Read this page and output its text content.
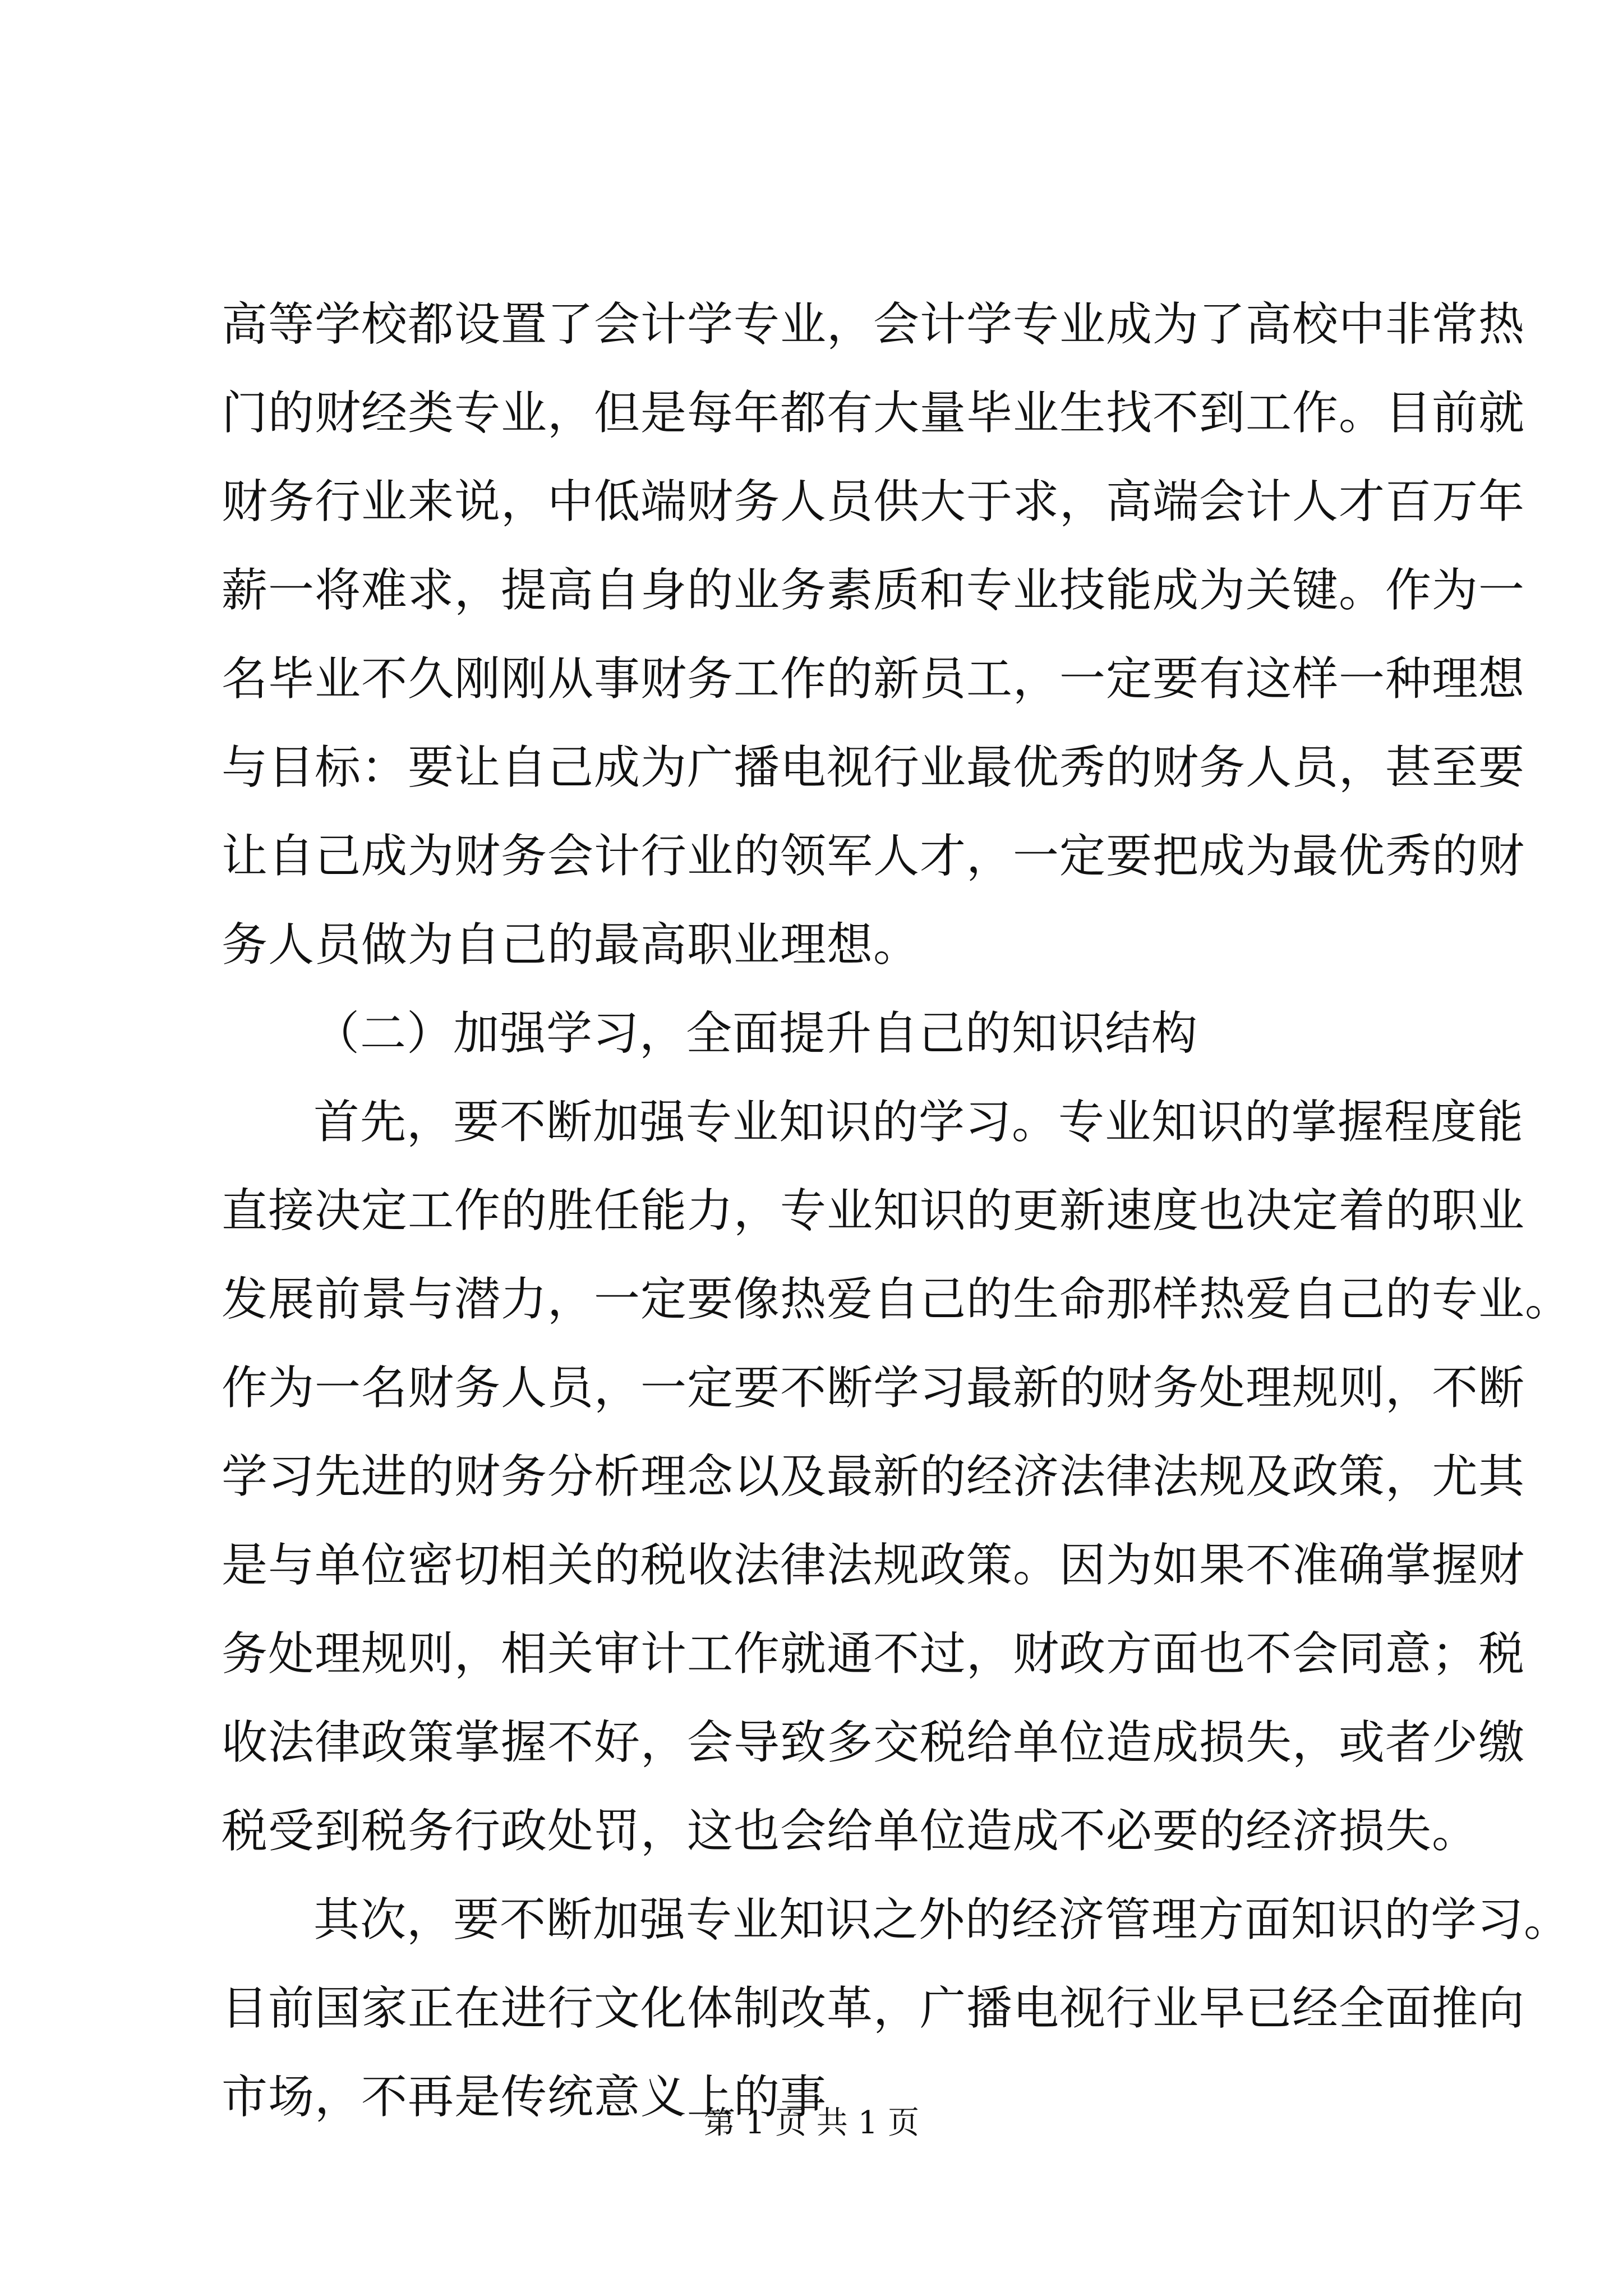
高等学校都设置了会计学专业，会计学专业成为了高校中非常热
门的财经类专业，但是每年都有大量毕业生找不到工作。目前就
财务行业来说，中低端财务人员供大于求，高端会计人才百万年
薪一将难求，提高自身的业务素质和专业技能成为关键。作为一
名毕业不久刚刚从事财务工作的新员工，一定要有这样一种理想
与目标：要让自己成为广播电视行业最优秀的财务人员，甚至要
让自己成为财务会计行业的领军人才，一定要把成为最优秀的财
务人员做为自己的最高职业理想。
（二）加强学习，全面提升自己的知识结构
首先，要不断加强专业知识的学习。专业知识的掌握程度能
直接决定工作的胜任能力，专业知识的更新速度也决定着的职业
发展前景与潜力，一定要像热爱自己的生命那样热爱自己的专业。
作为一名财务人员，一定要不断学习最新的财务处理规则，不断
学习先进的财务分析理念以及最新的经济法律法规及政策，尤其
是与单位密切相关的税收法律法规政策。因为如果不准确掌握财
务处理规则，相关审计工作就通不过，财政方面也不会同意；税
收法律政策掌握不好，会导致多交税给单位造成损失，或者少缴
税受到税务行政处罚，这也会给单位造成不必要的经济损失。
其次，要不断加强专业知识之外的经济管理方面知识的学习。
目前国家正在进行文化体制改革，广播电视行业早已经全面推向
市场，不再是传统意义上的事
第 1 页 共 1 页
